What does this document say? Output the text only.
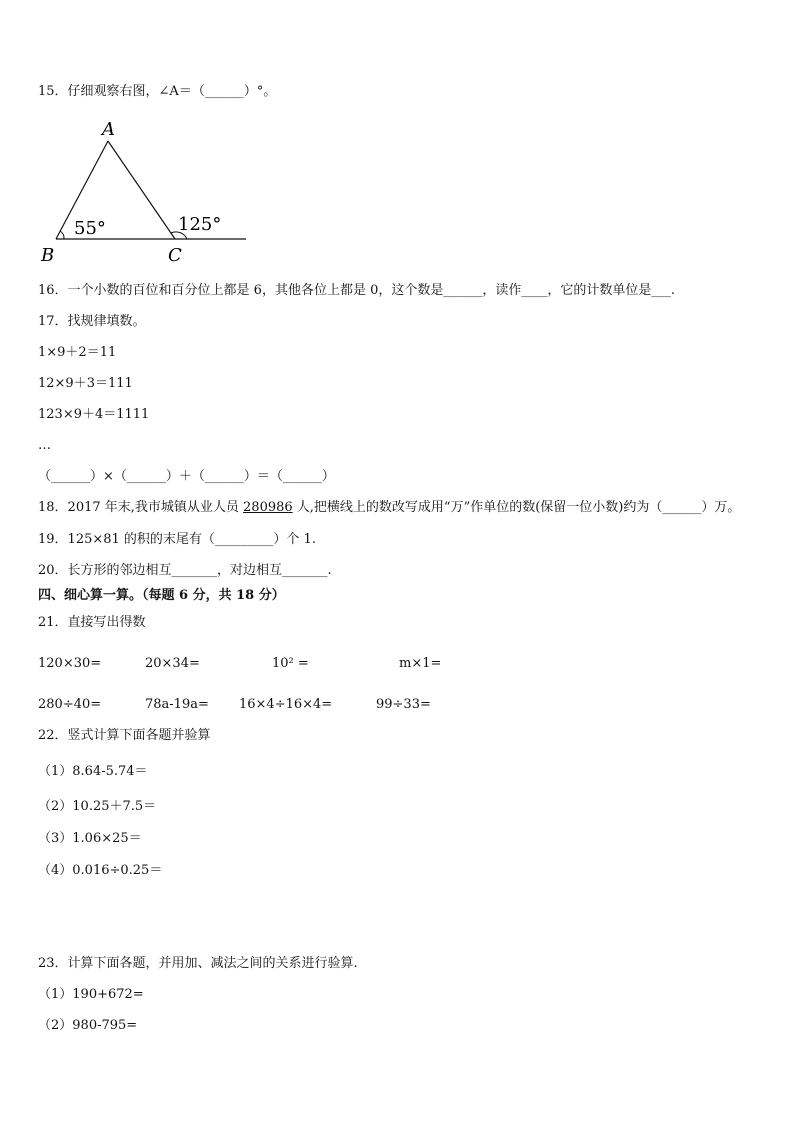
15．仔细观察右图，∠A＝（______）°。
A
B	C
55°	125°
16．一个小数的百位和百分位上都是 6，其他各位上都是 0，这个数是______，读作____，它的计数单位是___.
17．找规律填数。
1×9＋2＝11
12×9＋3＝111
123×9＋4＝1111
…
（______）×（______）＋（______）＝（______）
18．2017 年末,我市城镇从业人员 280986 人,把横线上的数改写成用“万”作单位的数(保留一位小数)约为（______）万。
19．125×81 的积的末尾有（_________）个 1.
20．长方形的邻边相互_______，对边相互_______.
四、细心算一算。（每题 6 分，共 18 分）
21．直接写出得数
120×30=	20×34=	10² =	m×1=
280÷40=	78a-19a= 16×4÷16×4=	99÷33=
22．竖式计算下面各题并验算
（1）8.64-5.74＝
（2）10.25＋7.5＝
（3）1.06×25＝
（4）0.016÷0.25＝
23．计算下面各题，并用加、减法之间的关系进行验算.
（1）190+672=
（2）980-795=
